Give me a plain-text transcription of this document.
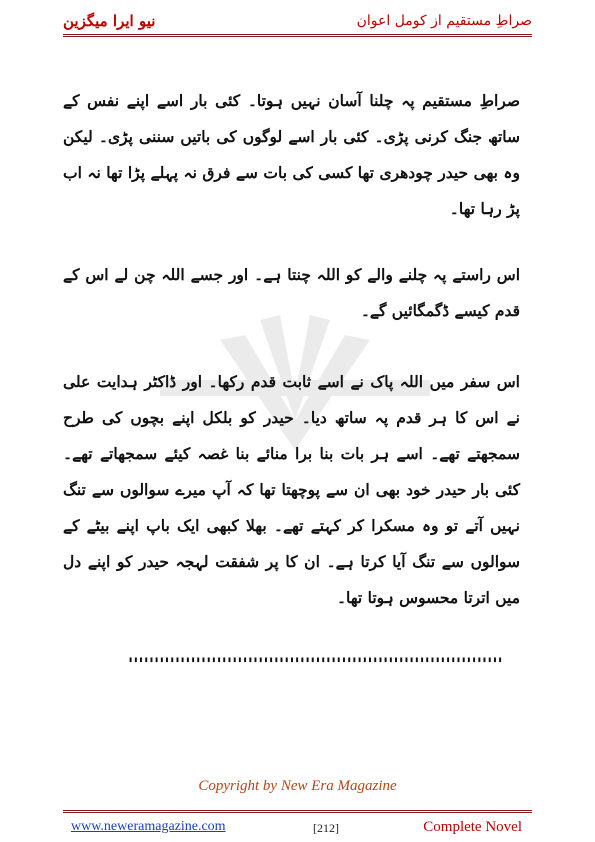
نیو ایرا میگزین	صراطِ مستقیم از کومل اعوان
صراطِ مستقیم پہ چلنا آسان نہیں ہوتا۔ کئی بار اسے اپنے نفس کے ساتھ جنگ کرنی پڑی۔ کئی بار اسے لوگوں کی باتیں سننی پڑی۔ لیکن وہ بھی حیدر چودھری تھا کسی کی بات سے فرق نہ پہلے پڑا تھا نہ اب پڑ رہا تھا۔
اس راستے پہ چلنے والے کو اللہ چنتا ہے۔ اور جسے اللہ چن لے اس کے قدم کیسے ڈگمگائیں گے۔
اس سفر میں اللہ پاک نے اسے ثابت قدم رکھا۔ اور ڈاکٹر ہدایت علی نے اس کا ہر قدم پہ ساتھ دیا۔ حیدر کو بلکل اپنے بچوں کی طرح سمجھتے تھے۔ اسے ہر بات بنا برا منائے بنا غصہ کیئے سمجھاتے تھے۔ کئی بار حیدر خود بھی ان سے پوچھتا تھا کہ آپ میرے سوالوں سے تنگ نہیں آتے تو وہ مسکرا کر کہتے تھے۔ بھلا کبھی ایک باپ اپنے بیٹے کے سوالوں سے تنگ آیا کرتا ہے۔ ان کا پر شفقت لہجہ حیدر کو اپنے دل میں اترتا محسوس ہوتا تھا۔
''''''''''''''''''''''''''''''''''''''''''''''''''''''''''''''''''''''''
Copyright by New Era Magazine
www.neweramagazine.com	[212]	Complete Novel
